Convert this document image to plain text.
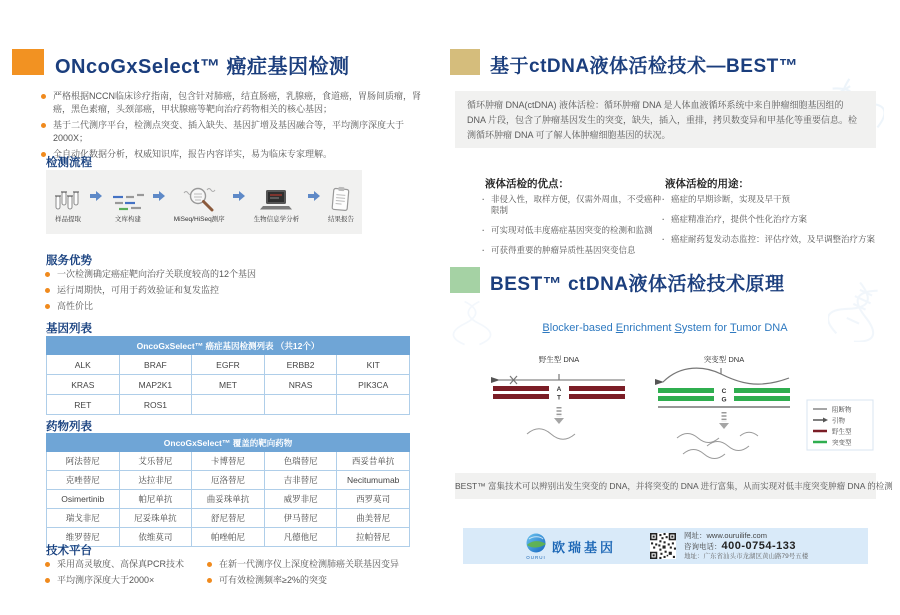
ONcoGxSelect™ 癌症基因检测
严格根据NCCN临床诊疗指南，包含针对肺癌，结直肠癌，乳腺癌，食道癌，胃肠间质瘤，肾癌，黑色素瘤，头颈部癌，甲状腺癌等靶向治疗药物相关的核心基因；
基于二代测序平台，检测点突变、插入缺失、基因扩增及基因融合等，平均测序深度大于2000X；
全自动化数据分析，权威知识库，报告内容详实，易为临床专家理解。
检测流程
样品提取	文库构建	MiSeq/HiSeq测序	生物信息学分析	结果报告
服务优势
一次检测确定癌症靶向治疗关联度较高的12个基因
运行周期快，可用于药效验证和复发监控
高性价比
基因列表
OncoGxSelect™ 癌症基因检测列表 （共12个）				
ALK	BRAF	EGFR	ERBB2	KIT
KRAS	MAP2K1	MET	NRAS	PIK3CA
RET	ROS1			
药物列表
OncoGxSelect™ 覆盖的靶向药物				
阿法替尼	艾乐替尼	卡博替尼	色瑞替尼	西妥昔单抗
克唑替尼	达拉非尼	厄洛替尼	吉非替尼	Necitumumab
Osimertinib	帕尼单抗	曲妥珠单抗	威罗非尼	西罗莫司
瑞戈非尼	尼妥珠单抗	舒尼替尼	伊马替尼	曲美替尼
维罗替尼	依维莫司	帕唑帕尼	凡德他尼	拉帕替尼
技术平台
采用高灵敏度、高保真PCR技术
平均测序深度大于2000×
在新一代测序仪上深度检测肺癌关联基因变异
可有效检测频率≥2%的突变
基于ctDNA液体活检技术—BEST™
循环肿瘤 DNA(ctDNA) 液体活检：循环肿瘤 DNA 是人体血液循环系统中来自肿瘤细胞基因组的 DNA 片段，包含了肿瘤基因发生的突变，缺失，插入，重排，拷贝数变异和甲基化等重要信息。检测循环肿瘤 DNA 可了解人体肿瘤细胞基因的状况。
液体活检的优点：	液体活检的用途：
· 非侵入性，取样方便，仅需外周血，不受癌种限制
· 可实现对低丰度癌症基因突变的检测和监测
· 可获得重要的肿瘤异质性基因突变信息
· 癌症的早期诊断，实现及早干预
· 癌症精准治疗，提供个性化治疗方案
· 癌症耐药复发动态监控：评估疗效，及早调整治疗方案
BEST™ ctDNA液体活检技术原理
Blocker-based Enrichment System for Tumor DNA
野生型 DNA
A
T
突变型 DNA
C
G
阻断物
引物
野生型
突变型
BEST™ 富集技术可以辨别出发生突变的 DNA，并将突变的 DNA 进行富集，从而实现对低丰度突变肿瘤 DNA 的检测
OURUI
欧瑞基因
网址：www.ouruilife.com
咨询电话：400-0754-133
地址：广东省汕头市龙湖区黄山路79号五楼
